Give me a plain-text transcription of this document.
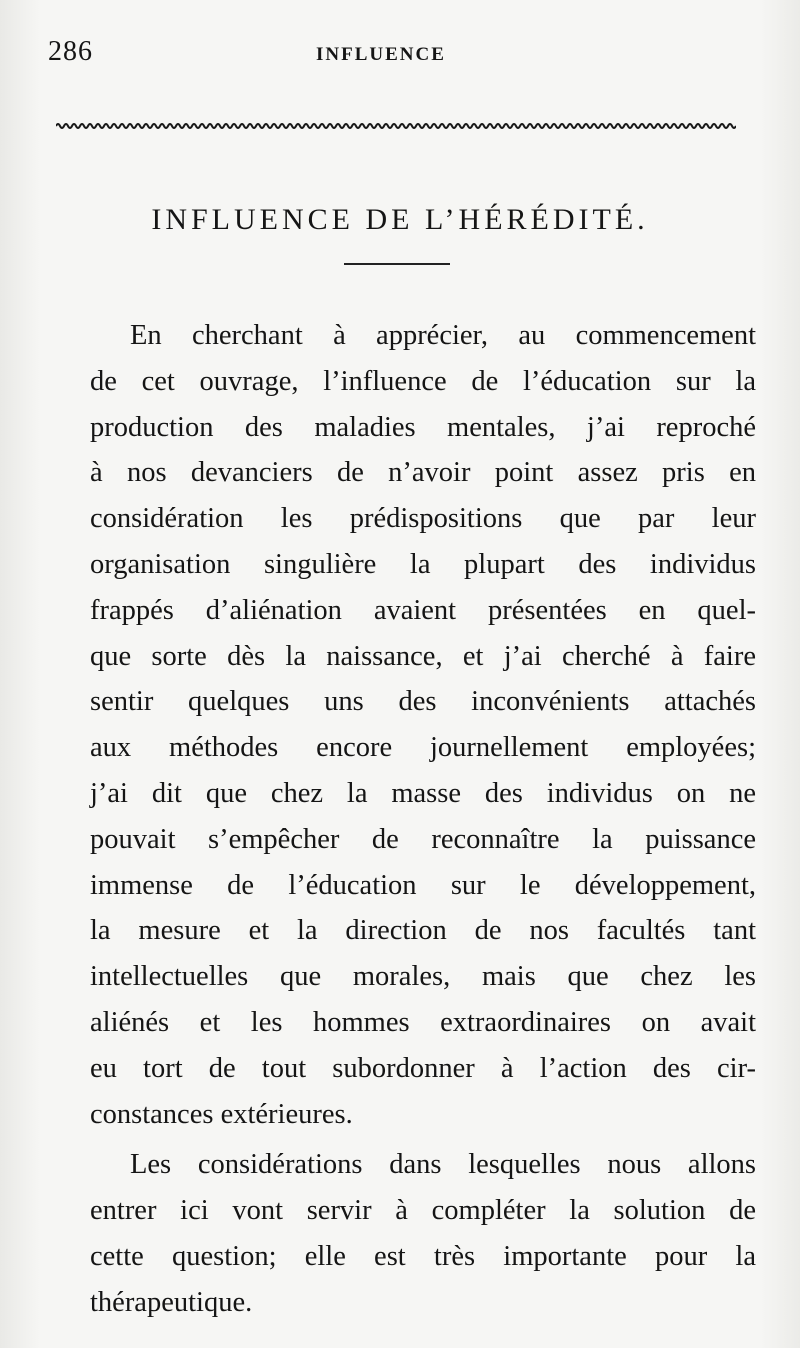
286	INFLUENCE
INFLUENCE DE L’HÉRÉDITÉ.

En cherchant à apprécier, au commencement
de cet ouvrage, l’influence de l’éducation sur la
production des maladies mentales, j’ai reproché
à nos devanciers de n’avoir point assez pris en
considération les prédispositions que par leur
organisation singulière la plupart des individus
frappés d’aliénation avaient présentées en quel-
que sorte dès la naissance, et j’ai cherché à faire
sentir quelques uns des inconvénients attachés
aux méthodes encore journellement employées;
j’ai dit que chez la masse des individus on ne
pouvait s’empêcher de reconnaître la puissance
immense de l’éducation sur le développement,
la mesure et la direction de nos facultés tant
intellectuelles que morales, mais que chez les
aliénés et les hommes extraordinaires on avait
eu tort de tout subordonner à l’action des cir-
constances extérieures.

Les considérations dans lesquelles nous allons
entrer ici vont servir à compléter la solution de
cette question; elle est très importante pour la
thérapeutique.
